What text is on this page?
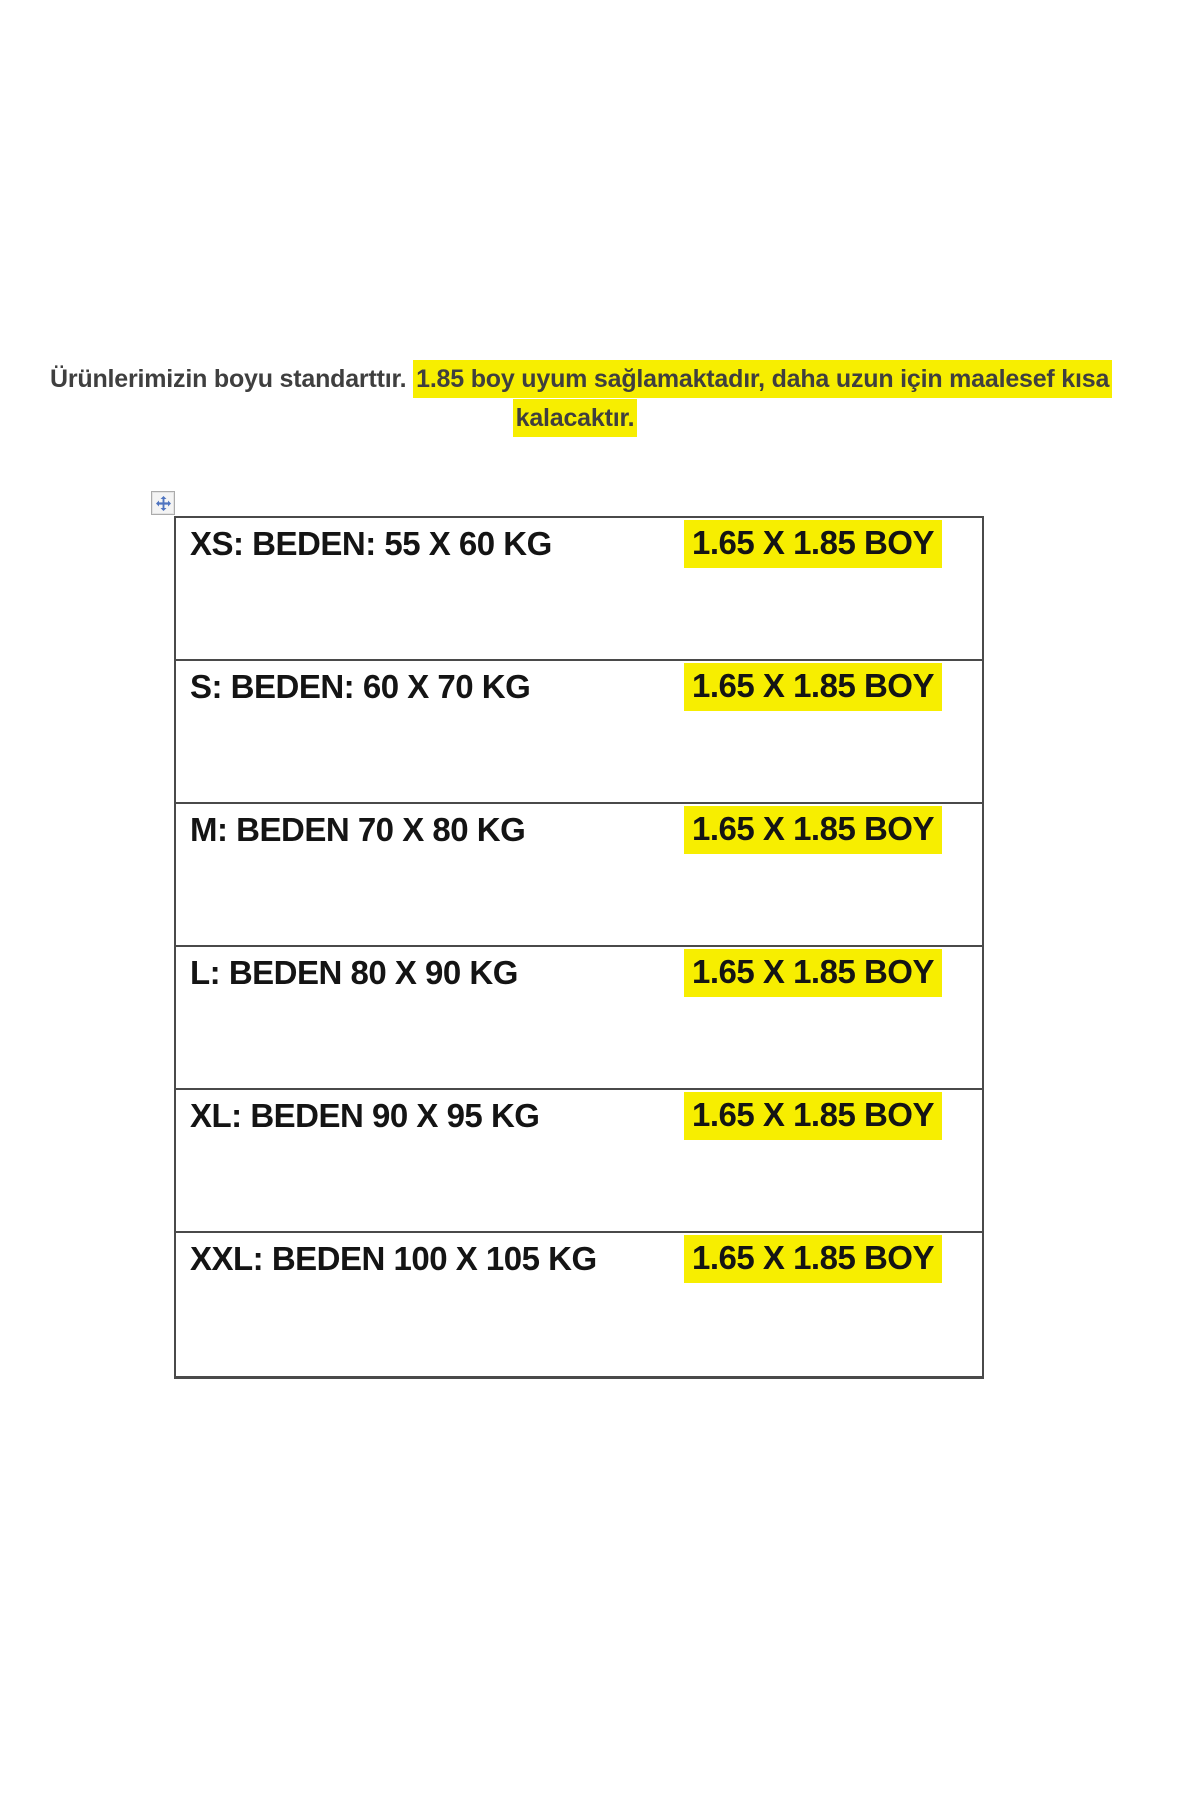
Ürünlerimizin boyu standarttır. 1.85 boy uyum sağlamaktadır, daha uzun için maalesef kısa
kalacaktır.
XS: BEDEN: 55 X 60 KG	1.65 X 1.85 BOY
S: BEDEN: 60 X 70 KG	1.65 X 1.85 BOY
M: BEDEN 70 X 80 KG	1.65 X 1.85 BOY
L: BEDEN 80 X 90 KG	1.65 X 1.85 BOY
XL: BEDEN 90 X 95 KG	1.65 X 1.85 BOY
XXL: BEDEN 100 X 105 KG	1.65 X 1.85 BOY
